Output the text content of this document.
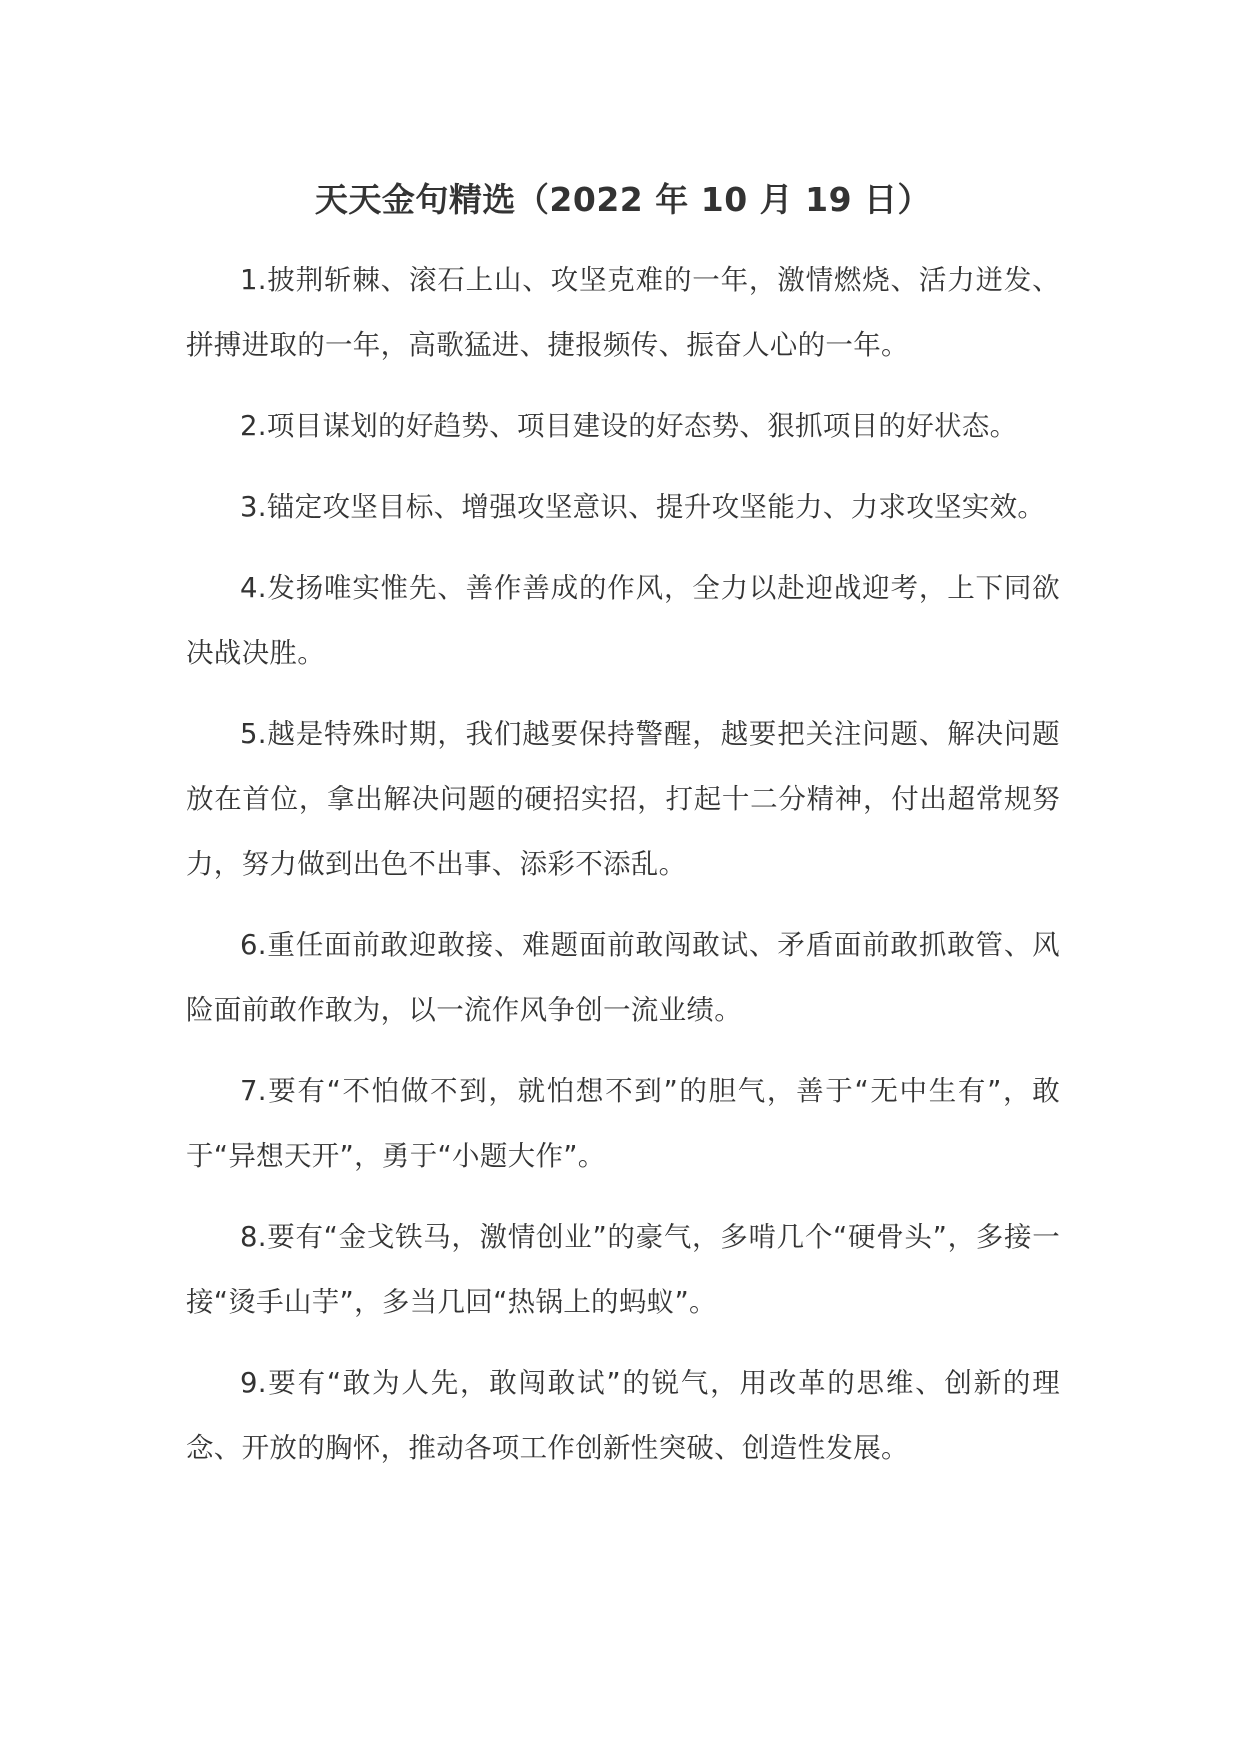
天天金句精选（2022 年 10 月 19 日）

1.披荆斩棘、滚石上山、攻坚克难的一年，激情燃烧、活力迸发、拼搏进取的一年，高歌猛进、捷报频传、振奋人心的一年。

2.项目谋划的好趋势、项目建设的好态势、狠抓项目的好状态。

3.锚定攻坚目标、增强攻坚意识、提升攻坚能力、力求攻坚实效。

4.发扬唯实惟先、善作善成的作风，全力以赴迎战迎考，上下同欲决战决胜。

5.越是特殊时期，我们越要保持警醒，越要把关注问题、解决问题放在首位，拿出解决问题的硬招实招，打起十二分精神，付出超常规努力，努力做到出色不出事、添彩不添乱。

6.重任面前敢迎敢接、难题面前敢闯敢试、矛盾面前敢抓敢管、风险面前敢作敢为，以一流作风争创一流业绩。

7.要有“不怕做不到，就怕想不到”的胆气，善于“无中生有”，敢于“异想天开”，勇于“小题大作”。

8.要有“金戈铁马，激情创业”的豪气，多啃几个“硬骨头”，多接一接“烫手山芋”，多当几回“热锅上的蚂蚁”。

9.要有“敢为人先，敢闯敢试”的锐气，用改革的思维、创新的理念、开放的胸怀，推动各项工作创新性突破、创造性发展。
